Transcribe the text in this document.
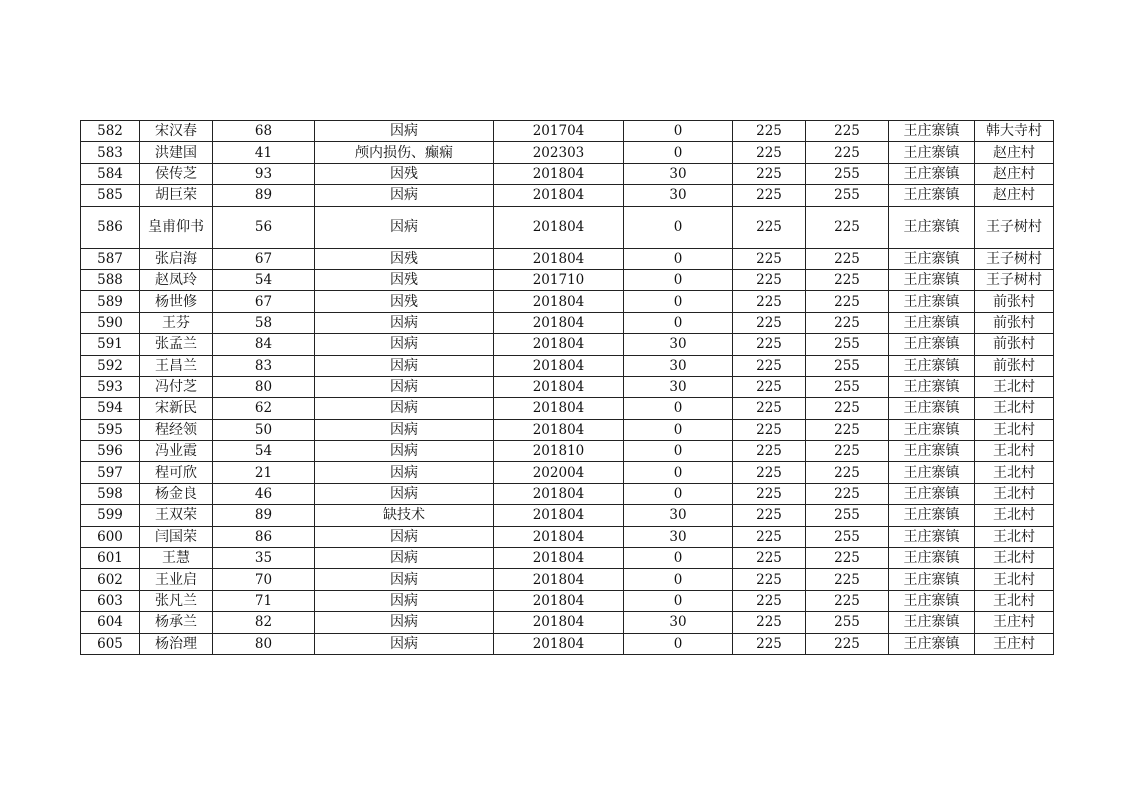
582	宋汉春	68	因病	201704	0	225	225	王庄寨镇	韩大寺村
583	洪建国	41	颅内损伤、癫痫	202303	0	225	225	王庄寨镇	赵庄村
584	侯传芝	93	因残	201804	30	225	255	王庄寨镇	赵庄村
585	胡巨荣	89	因病	201804	30	225	255	王庄寨镇	赵庄村
586	皇甫仰书	56	因病	201804	0	225	225	王庄寨镇	王子树村
587	张启海	67	因残	201804	0	225	225	王庄寨镇	王子树村
588	赵凤玲	54	因残	201710	0	225	225	王庄寨镇	王子树村
589	杨世修	67	因残	201804	0	225	225	王庄寨镇	前张村
590	王芬	58	因病	201804	0	225	225	王庄寨镇	前张村
591	张孟兰	84	因病	201804	30	225	255	王庄寨镇	前张村
592	王昌兰	83	因病	201804	30	225	255	王庄寨镇	前张村
593	冯付芝	80	因病	201804	30	225	255	王庄寨镇	王北村
594	宋新民	62	因病	201804	0	225	225	王庄寨镇	王北村
595	程经领	50	因病	201804	0	225	225	王庄寨镇	王北村
596	冯业霞	54	因病	201810	0	225	225	王庄寨镇	王北村
597	程可欣	21	因病	202004	0	225	225	王庄寨镇	王北村
598	杨金良	46	因病	201804	0	225	225	王庄寨镇	王北村
599	王双荣	89	缺技术	201804	30	225	255	王庄寨镇	王北村
600	闫国荣	86	因病	201804	30	225	255	王庄寨镇	王北村
601	王慧	35	因病	201804	0	225	225	王庄寨镇	王北村
602	王业启	70	因病	201804	0	225	225	王庄寨镇	王北村
603	张凡兰	71	因病	201804	0	225	225	王庄寨镇	王北村
604	杨承兰	82	因病	201804	30	225	255	王庄寨镇	王庄村
605	杨治理	80	因病	201804	0	225	225	王庄寨镇	王庄村
